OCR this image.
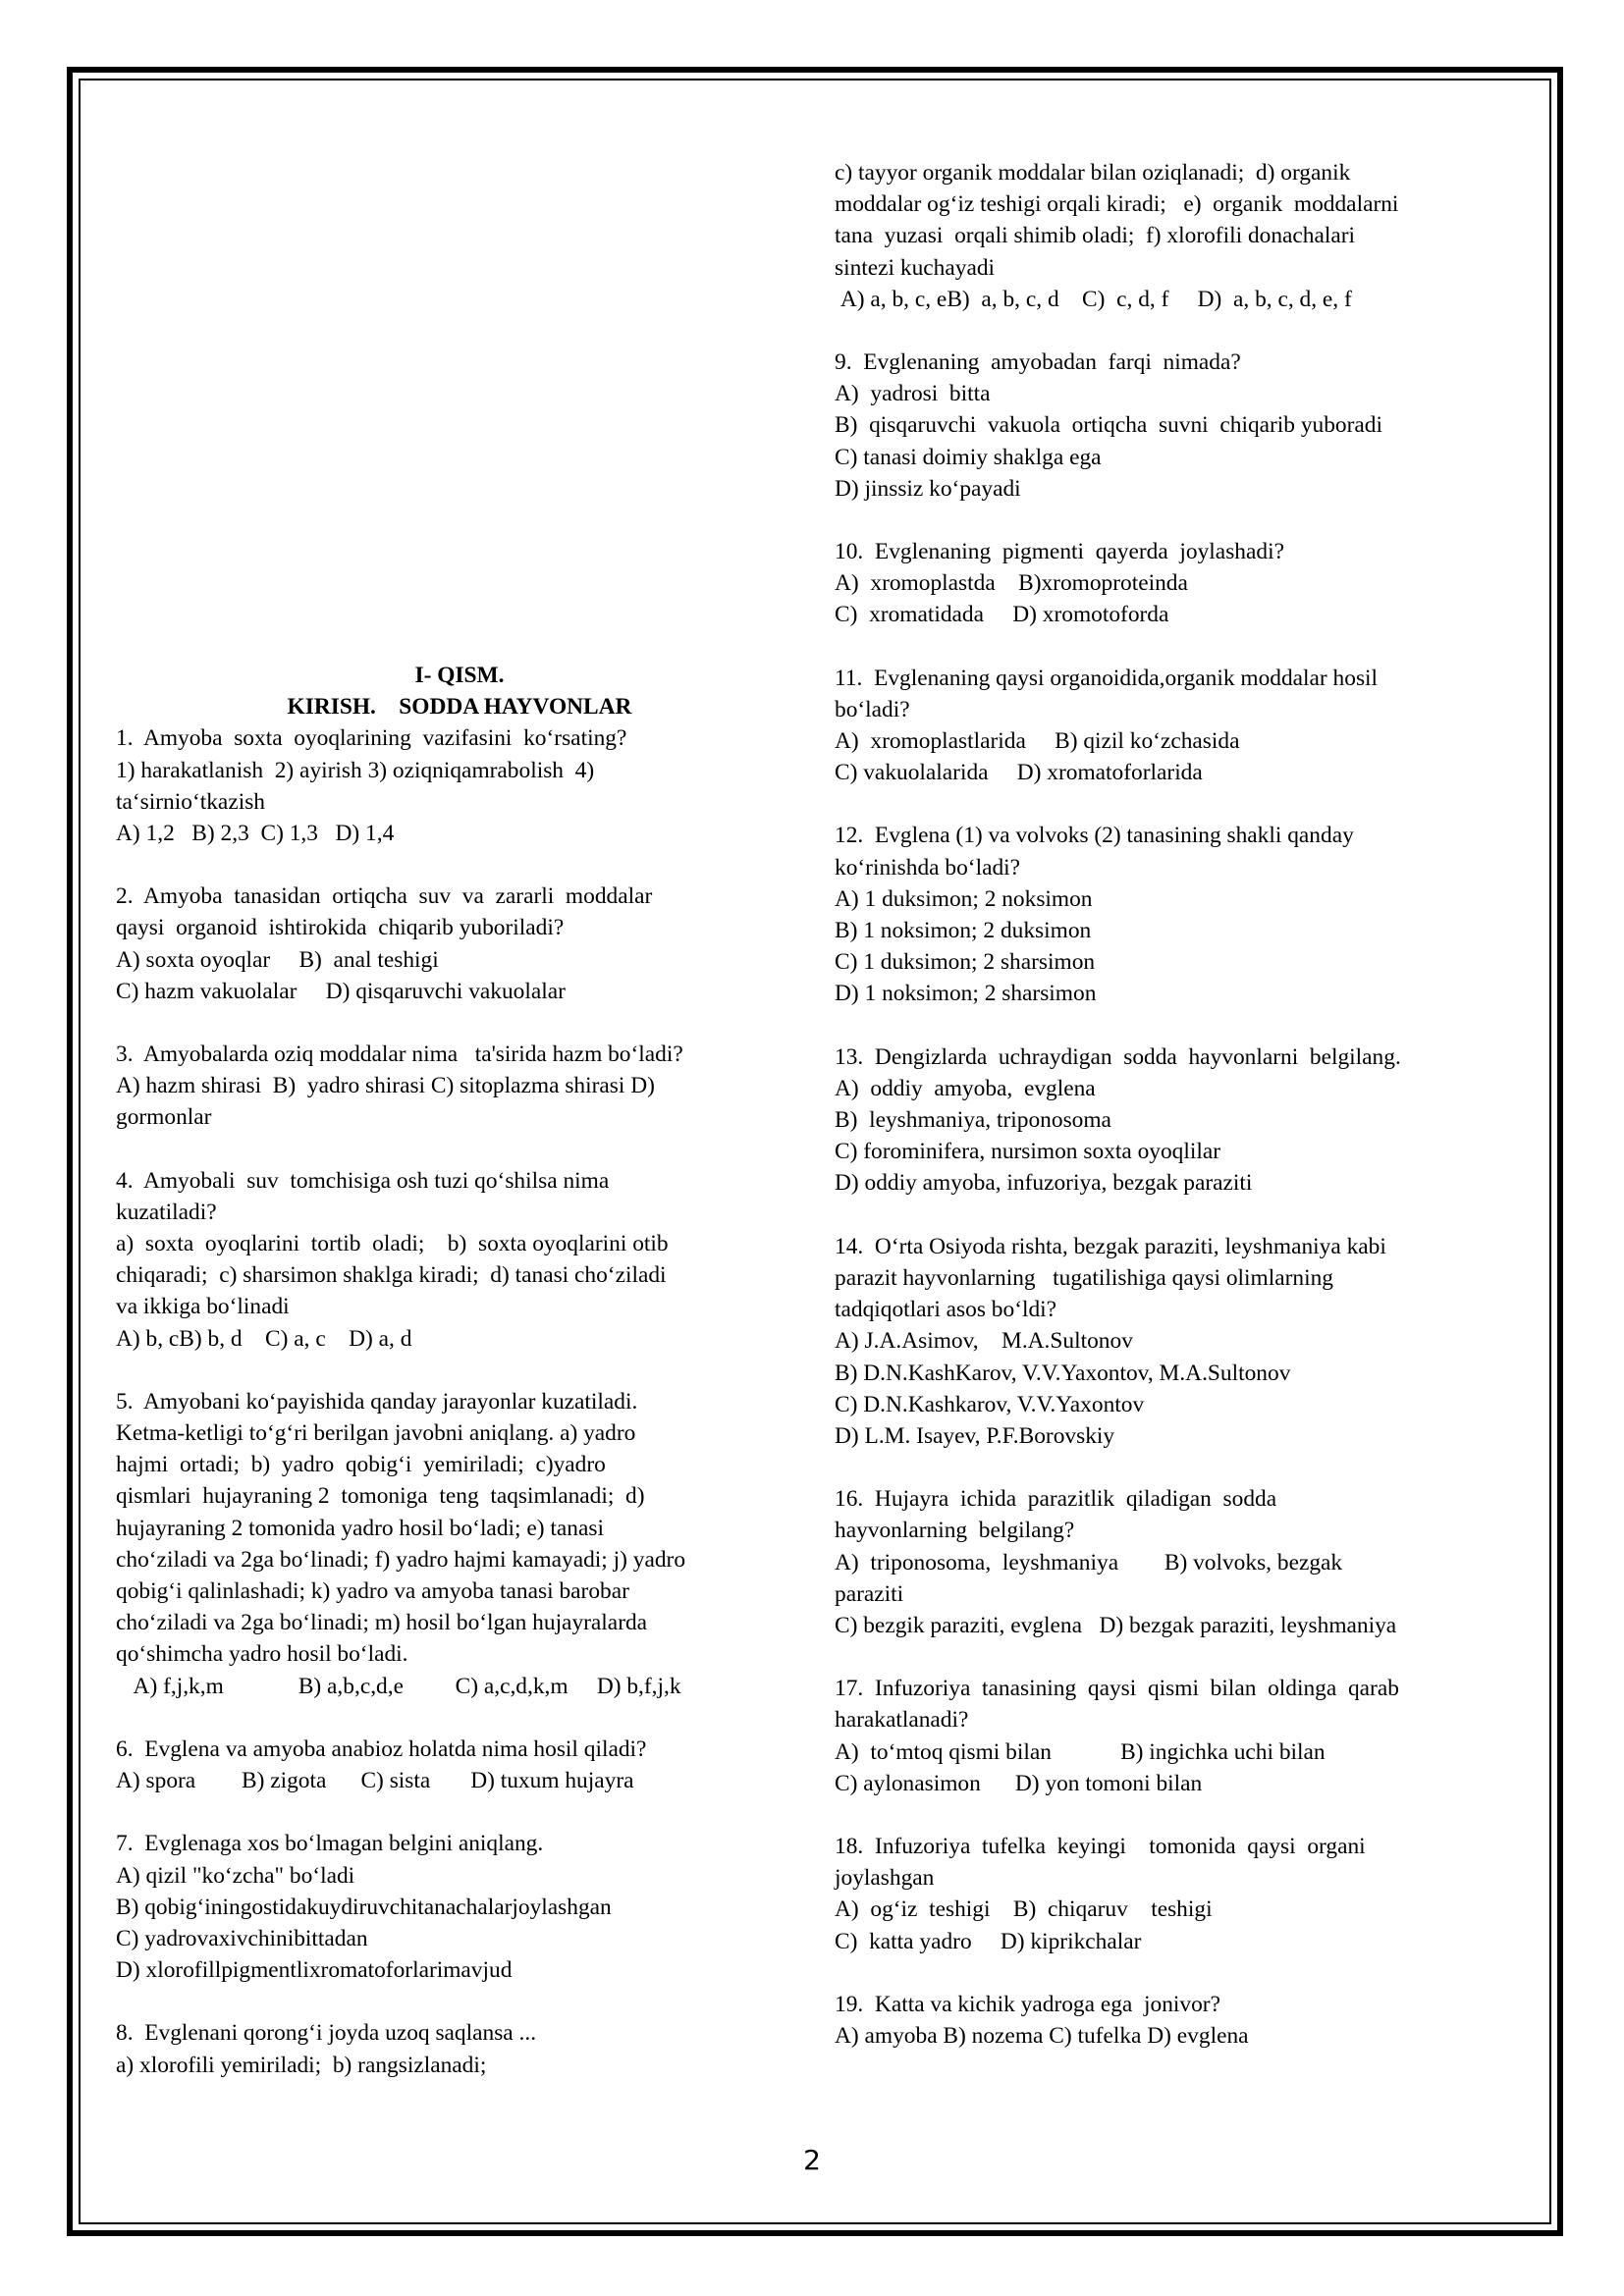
I- QISM.

KIRISH.    SODDA HAYVONLAR

1.  Amyoba  soxta  oyoqlarining  vazifasini  ko‘rsating?

1) harakatlanish  2) ayirish 3) oziqniqamrabolish  4)

ta‘sirnio‘tkazish

A) 1,2   B) 2,3  C) 1,3   D) 1,4

2.  Amyoba  tanasidan  ortiqcha  suv  va  zararli  moddalar

qaysi  organoid  ishtirokida  chiqarib yuboriladi?

A) soxta oyoqlar     B)  anal teshigi

C) hazm vakuolalar     D) qisqaruvchi vakuolalar

3.  Amyobalarda oziq moddalar nima   ta'sirida hazm bo‘ladi?

A) hazm shirasi  B)  yadro shirasi C) sitoplazma shirasi D)

gormonlar

4.  Amyobali  suv  tomchisiga osh tuzi qo‘shilsa nima

kuzatiladi?

a)  soxta  oyoqlarini  tortib  oladi;    b)  soxta oyoqlarini otib

chiqaradi;  c) sharsimon shaklga kiradi;  d) tanasi cho‘ziladi

va ikkiga bo‘linadi

A) b, cB) b, d    C) a, c    D) a, d

5.  Amyobani ko‘payishida qanday jarayonlar kuzatiladi.

Ketma-ketligi to‘g‘ri berilgan javobni aniqlang. a) yadro

hajmi  ortadi;  b)  yadro  qobig‘i  yemiriladi;  c)yadro

qismlari  hujayraning 2  tomoniga  teng  taqsimlanadi;  d)

hujayraning 2 tomonida yadro hosil bo‘ladi; e) tanasi

cho‘ziladi va 2ga bo‘linadi; f) yadro hajmi kamayadi; j) yadro

qobig‘i qalinlashadi; k) yadro va amyoba tanasi barobar

cho‘ziladi va 2ga bo‘linadi; m) hosil bo‘lgan hujayralarda

qo‘shimcha yadro hosil bo‘ladi.

A) f,j,k,m             B) a,b,c,d,e         C) a,c,d,k,m     D) b,f,j,k

6.  Evglena va amyoba anabioz holatda nima hosil qiladi?

A) spora        B) zigota      C) sista       D) tuxum hujayra

7.  Evglenaga xos bo‘lmagan belgini aniqlang.

A) qizil "ko‘zcha" bo‘ladi

B) qobig‘iningostidakuydiruvchitanachalarjoylashgan

C) yadrovaxivchinibittadan

D) xlorofillpigmentlixromatoforlarimavjud

8.  Evglenani qorong‘i joyda uzoq saqlansa ...

a) xlorofili yemiriladi;  b) rangsizlanadi;

c) tayyor organik moddalar bilan oziqlanadi;  d) organik

moddalar og‘iz teshigi orqali kiradi;   e)  organik  moddalarni

tana  yuzasi  orqali shimib oladi;  f) xlorofili donachalari

sintezi kuchayadi

A) a, b, c, eB)  a, b, c, d    C)  c, d, f     D)  a, b, c, d, e, f

9.  Evglenaning  amyobadan  farqi  nimada?

A)  yadrosi  bitta

B)  qisqaruvchi  vakuola  ortiqcha  suvni  chiqarib yuboradi

C) tanasi doimiy shaklga ega

D) jinssiz ko‘payadi

10.  Evglenaning  pigmenti  qayerda  joylashadi?

A)  xromoplastda    B)xromoproteinda

C)  xromatidada     D) xromotoforda

11.  Evglenaning qaysi organoidida,organik moddalar hosil

bo‘ladi?

A)  xromoplastlarida     B) qizil ko‘zchasida

C) vakuolalarida     D) xromatoforlarida

12.  Evglena (1) va volvoks (2) tanasining shakli qanday

ko‘rinishda bo‘ladi?

A) 1 duksimon; 2 noksimon

B) 1 noksimon; 2 duksimon

C) 1 duksimon; 2 sharsimon

D) 1 noksimon; 2 sharsimon

13.  Dengizlarda  uchraydigan  sodda  hayvonlarni  belgilang.

A)  oddiy  amyoba,  evglena

B)  leyshmaniya, triponosoma

C) forominifera, nursimon soxta oyoqlilar

D) oddiy amyoba, infuzoriya, bezgak paraziti

14.  O‘rta Osiyoda rishta, bezgak paraziti, leyshmaniya kabi

parazit hayvonlarning   tugatilishiga qaysi olimlarning

tadqiqotlari asos bo‘ldi?

A) J.A.Asimov,    M.A.Sultonov

B) D.N.KashKarov, V.V.Yaxontov, M.A.Sultonov

C) D.N.Kashkarov, V.V.Yaxontov

D) L.M. Isayev, P.F.Borovskiy

16.  Hujayra  ichida  parazitlik  qiladigan  sodda

hayvonlarning  belgilang?

A)  triponosoma,  leyshmaniya        B) volvoks, bezgak

paraziti

C) bezgik paraziti, evglena   D) bezgak paraziti, leyshmaniya

17.  Infuzoriya  tanasining  qaysi  qismi  bilan  oldinga  qarab

harakatlanadi?

A)  to‘mtoq qismi bilan            B) ingichka uchi bilan

C) aylonasimon      D) yon tomoni bilan

18.  Infuzoriya  tufelka  keyingi    tomonida  qaysi  organi

joylashgan

A)  og‘iz  teshigi    B)  chiqaruv    teshigi

C)  katta yadro     D) kiprikchalar

19.  Katta va kichik yadroga ega  jonivor?

A) amyoba B) nozema C) tufelka D) evglena

2
